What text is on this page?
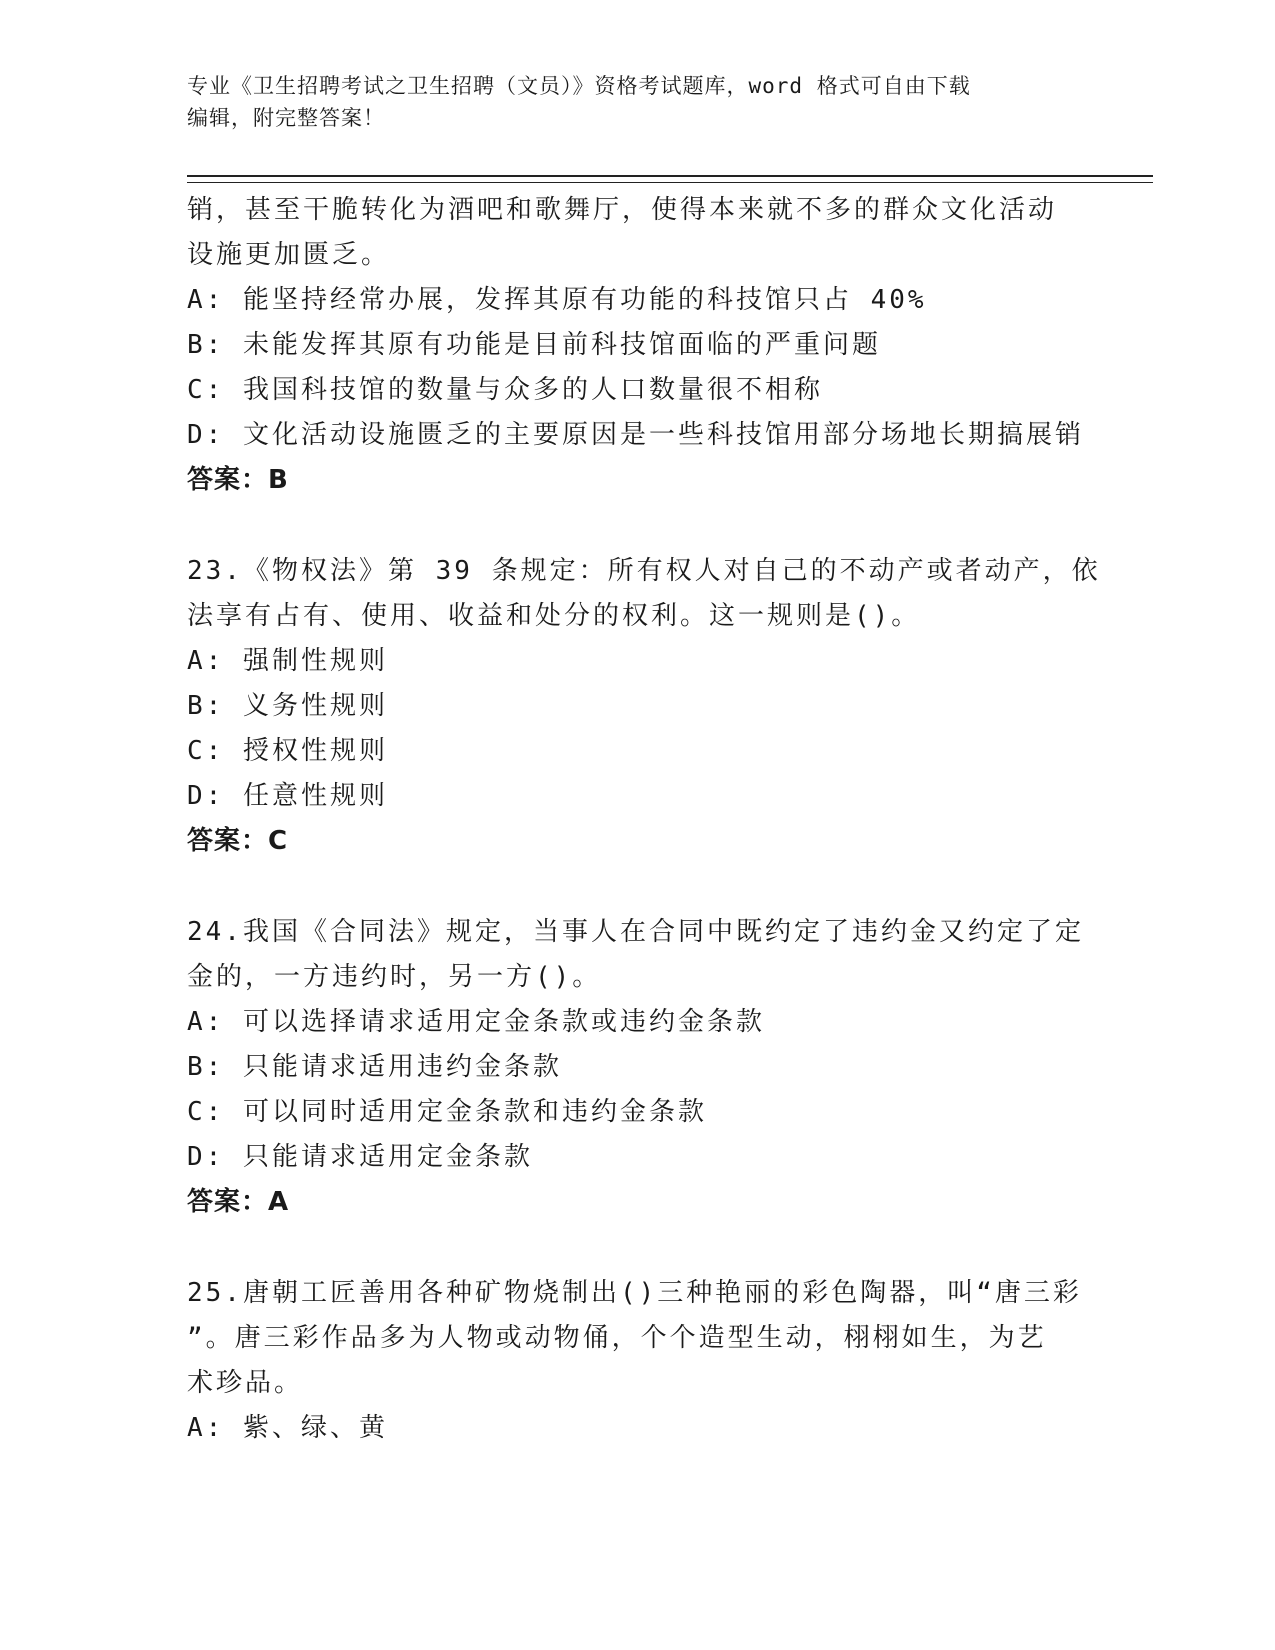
专业《卫生招聘考试之卫生招聘（文员）》资格考试题库，word 格式可自由下载
编辑，附完整答案！
销，甚至干脆转化为酒吧和歌舞厅，使得本来就不多的群众文化活动
设施更加匮乏。
A: 能坚持经常办展，发挥其原有功能的科技馆只占 40%
B: 未能发挥其原有功能是目前科技馆面临的严重问题
C: 我国科技馆的数量与众多的人口数量很不相称
D: 文化活动设施匮乏的主要原因是一些科技馆用部分场地长期搞展销
答案：B
23.《物权法》第 39 条规定：所有权人对自己的不动产或者动产，依
法享有占有、使用、收益和处分的权利。这一规则是()。
A: 强制性规则
B: 义务性规则
C: 授权性规则
D: 任意性规则
答案：C
24.我国《合同法》规定，当事人在合同中既约定了违约金又约定了定
金的，一方违约时，另一方()。
A: 可以选择请求适用定金条款或违约金条款
B: 只能请求适用违约金条款
C: 可以同时适用定金条款和违约金条款
D: 只能请求适用定金条款
答案：A
25.唐朝工匠善用各种矿物烧制出()三种艳丽的彩色陶器，叫“唐三彩
”。唐三彩作品多为人物或动物俑，个个造型生动，栩栩如生，为艺
术珍品。
A: 紫、绿、黄
